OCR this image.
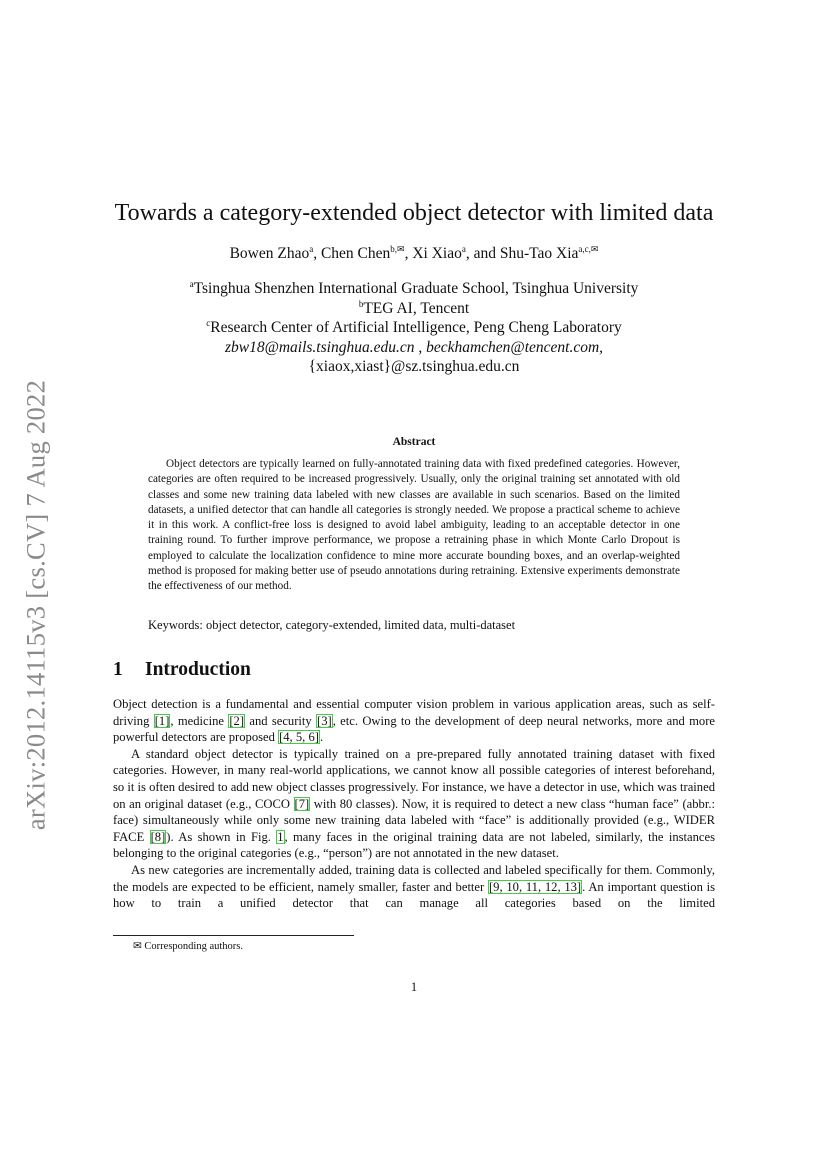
arXiv:2012.14115v3 [cs.CV] 7 Aug 2022
Towards a category-extended object detector with limited data
Bowen Zhao$^a$, Chen Chen$^{b,✉}$, Xi Xiao$^a$, and Shu-Tao Xia$^{a,c,✉}$
$^a$Tsinghua Shenzhen International Graduate School, Tsinghua University
$^b$TEG AI, Tencent
$^c$Research Center of Artificial Intelligence, Peng Cheng Laboratory
zbw18@mails.tsinghua.edu.cn , beckhamchen@tencent.com,
{xiaox,xiast}@sz.tsinghua.edu.cn
Abstract

Object detectors are typically learned on fully-annotated training data with fixed predefined categories. However, categories are often required to be increased progressively. Usually, only the original training set annotated with old classes and some new training data labeled with new classes are available in such scenarios. Based on the limited datasets, a unified detector that can handle all categories is strongly needed. We propose a practical scheme to achieve it in this work. A conflict-free loss is designed to avoid label ambiguity, leading to an acceptable detector in one training round. To further improve performance, we propose a retraining phase in which Monte Carlo Dropout is employed to calculate the localization confidence to mine more accurate bounding boxes, and an overlap-weighted method is proposed for making better use of pseudo annotations during retraining. Extensive experiments demonstrate the effectiveness of our method.

Keywords: object detector, category-extended, limited data, multi-dataset
1 Introduction

Object detection is a fundamental and essential computer vision problem in various application areas, such as self-driving [1], medicine [2] and security [3], etc. Owing to the development of deep neural networks, more and more powerful detectors are proposed [4, 5, 6].

A standard object detector is typically trained on a pre-prepared fully annotated training dataset with fixed categories. However, in many real-world applications, we cannot know all possible categories of interest beforehand, so it is often desired to add new object classes progressively. For instance, we have a detector in use, which was trained on an original dataset (e.g., COCO [7] with 80 classes). Now, it is required to detect a new class “human face” (abbr.: face) simultaneously while only some new training data labeled with “face” is additionally provided (e.g., WIDER FACE [8]). As shown in Fig. 1, many faces in the original training data are not labeled, similarly, the instances belonging to the original categories (e.g., “person”) are not annotated in the new dataset.

As new categories are incrementally added, training data is collected and labeled specifically for them. Commonly, the models are expected to be efficient, namely smaller, faster and better [9, 10, 11, 12, 13]. An important question is how to train a unified detector that can manage all categories based on the limited

✉ Corresponding authors.
1
